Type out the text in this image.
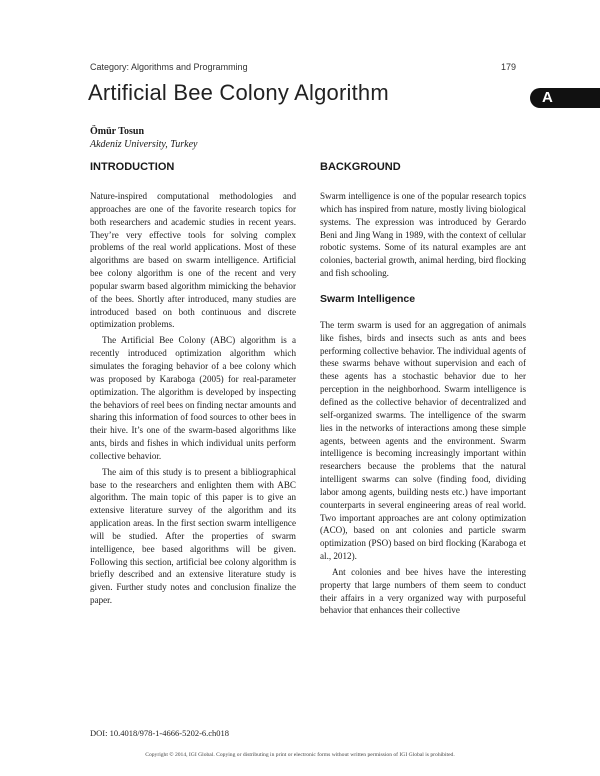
Category: Algorithms and Programming	179
A
Artificial Bee Colony Algorithm
Ömür Tosun
Akdeniz University, Turkey
INTRODUCTION

Nature-inspired computational methodologies and approaches are one of the favorite research topics for both researchers and academic studies in recent years. They’re very effective tools for solving complex problems of the real world applications. Most of these algorithms are based on swarm intelligence. Artificial bee colony algorithm is one of the recent and very popular swarm based algorithm mimicking the behavior of the bees. Shortly after introduced, many studies are introduced based on both continuous and discrete optimization problems.

The Artificial Bee Colony (ABC) algorithm is a recently introduced optimization algorithm which simulates the foraging behavior of a bee colony which was proposed by Karaboga (2005) for real-parameter optimization. The algorithm is developed by inspecting the behaviors of reel bees on finding nectar amounts and sharing this information of food sources to other bees in their hive. It’s one of the swarm-based algorithms like ants, birds and fishes in which individual units perform collective behavior.

The aim of this study is to present a bibliographical base to the researchers and enlighten them with ABC algorithm. The main topic of this paper is to give an extensive literature survey of the algorithm and its application areas. In the first section swarm intelligence will be studied. After the properties of swarm intelligence, bee based algorithms will be given. Following this section, artificial bee colony algorithm is briefly described and an extensive literature study is given. Further study notes and conclusion finalize the paper.

BACKGROUND

Swarm intelligence is one of the popular research topics which has inspired from nature, mostly living biological systems. The expression was introduced by Gerardo Beni and Jing Wang in 1989, with the context of cellular robotic systems. Some of its natural examples are ant colonies, bacterial growth, animal herding, bird flocking and fish schooling.

Swarm Intelligence

The term swarm is used for an aggregation of animals like fishes, birds and insects such as ants and bees performing collective behavior. The individual agents of these swarms behave without supervision and each of these agents has a stochastic behavior due to her perception in the neighborhood. Swarm intelligence is defined as the collective behavior of decentralized and self-organized swarms. The intelligence of the swarm lies in the networks of interactions among these simple agents, between agents and the environment. Swarm intelligence is becoming increasingly important within researchers because the problems that the natural intelligent swarms can solve (finding food, dividing labor among agents, building nests etc.) have important counterparts in several engineering areas of real world. Two important approaches are ant colony optimization (ACO), based on ant colonies and particle swarm optimization (PSO) based on bird flocking (Karaboga et al., 2012).

Ant colonies and bee hives have the interesting property that large numbers of them seem to conduct their affairs in a very organized way with purposeful behavior that enhances their collective

DOI: 10.4018/978-1-4666-5202-6.ch018
Copyright © 2014, IGI Global. Copying or distributing in print or electronic forms without written permission of IGI Global is prohibited.
